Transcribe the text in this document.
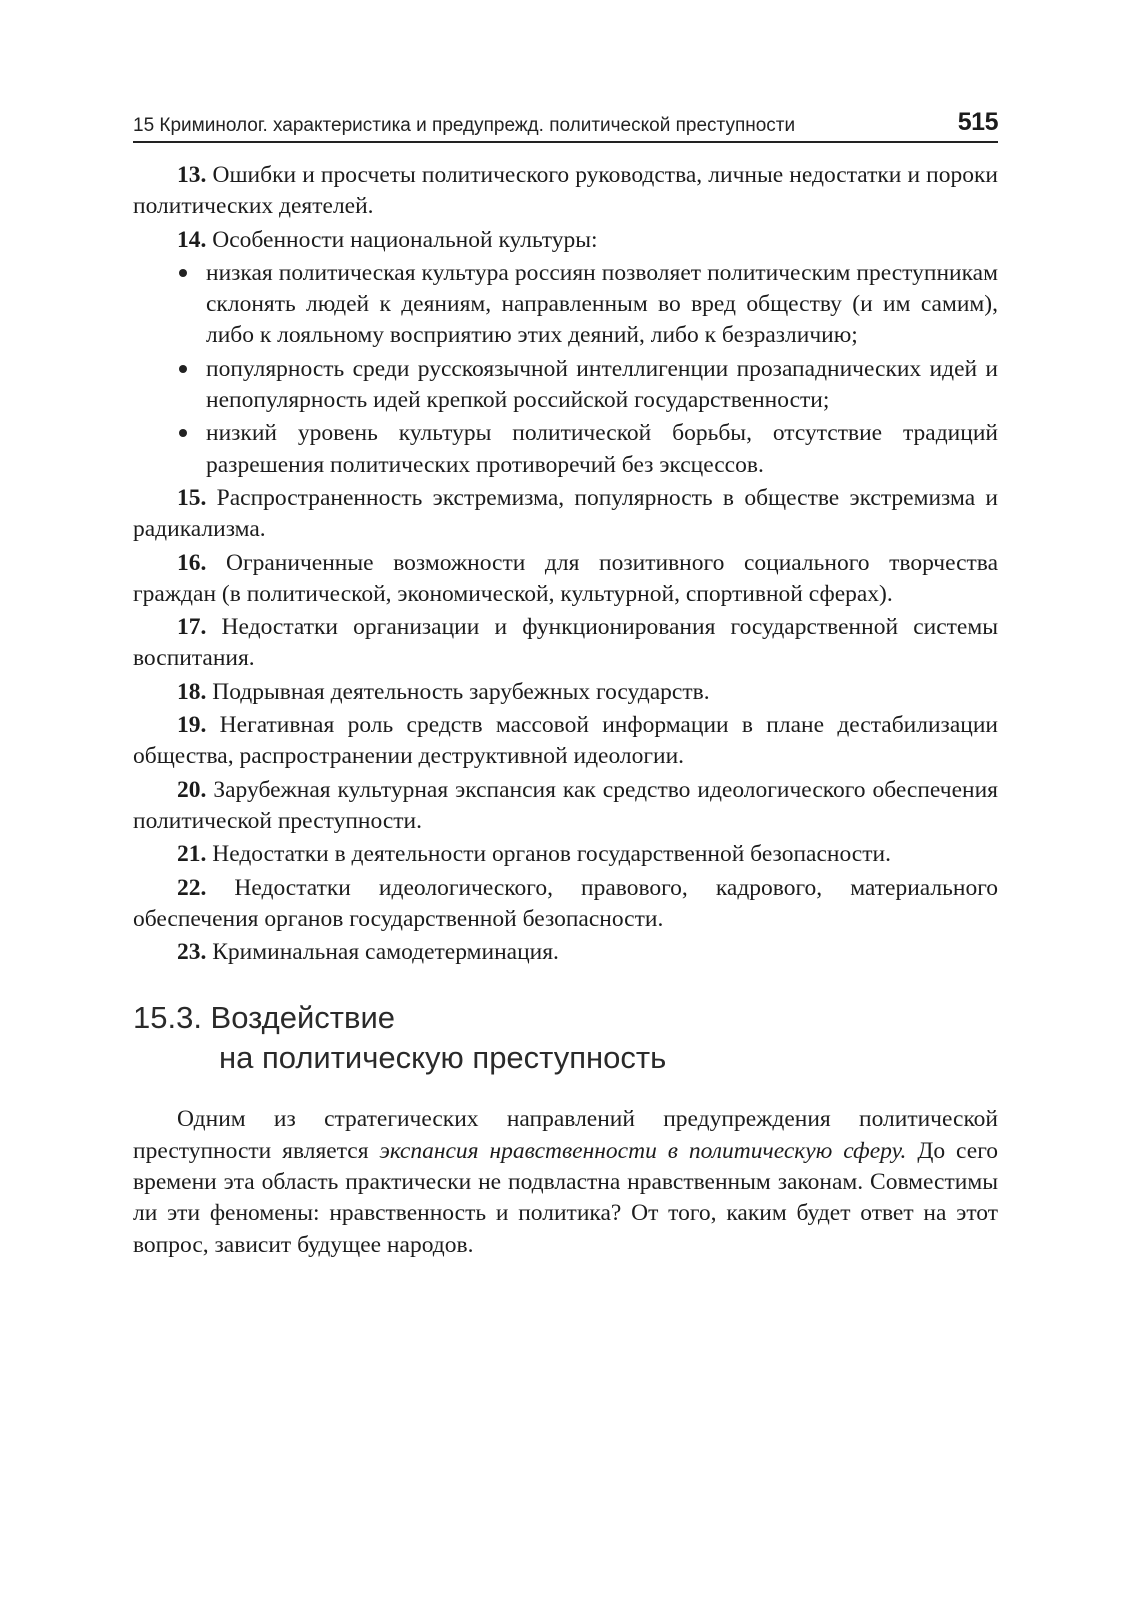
15 Криминолог. характеристика и предупрежд. политической преступности	515

13. Ошибки и просчеты политического руководства, личные недостатки и пороки политических деятелей.

14. Особенности национальной культуры:

низкая политическая культура россиян позволяет политическим преступникам склонять людей к деяниям, направленным во вред обществу (и им самим), либо к лояльному восприятию этих деяний, либо к безразличию;
популярность среди русскоязычной интеллигенции прозападнических идей и непопулярность идей крепкой российской государственности;
низкий уровень культуры политической борьбы, отсутствие традиций разрешения политических противоречий без эксцессов.

15. Распространенность экстремизма, популярность в обществе экстремизма и радикализма.

16. Ограниченные возможности для позитивного социального творчества граждан (в политической, экономической, культурной, спортивной сферах).

17. Недостатки организации и функционирования государственной системы воспитания.

18. Подрывная деятельность зарубежных государств.

19. Негативная роль средств массовой информации в плане дестабилизации общества, распространении деструктивной идеологии.

20. Зарубежная культурная экспансия как средство идеологического обеспечения политической преступности.

21. Недостатки в деятельности органов государственной безопасности.

22. Недостатки идеологического, правового, кадрового, материального обеспечения органов государственной безопасности.

23. Криминальная самодетерминация.

15.3. Воздействие
на политическую преступность

Одним из стратегических направлений предупреждения политической преступности является экспансия нравственности в политическую сферу. До сего времени эта область практически не подвластна нравственным законам. Совместимы ли эти феномены: нравственность и политика? От того, каким будет ответ на этот вопрос, зависит будущее народов.
